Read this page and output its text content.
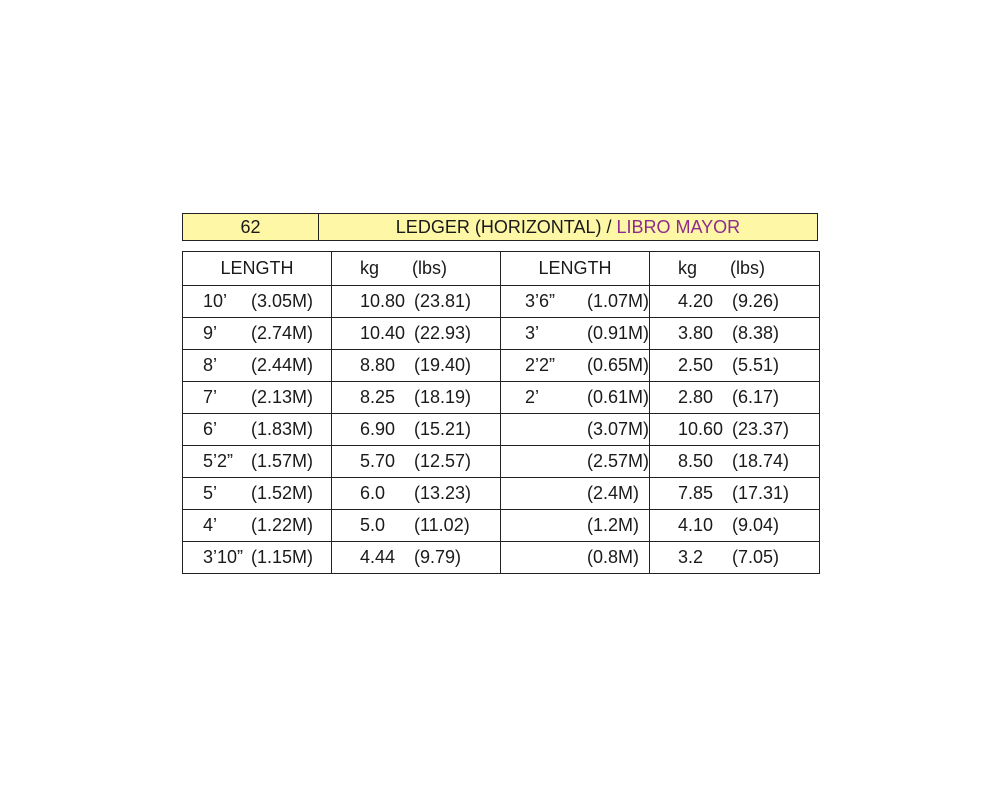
62	LEDGER (HORIZONTAL) / LIBRO MAYOR
LENGTH	kg (lbs)	LENGTH	kg (lbs)

10’ (3.05M)	10.80 (23.81)	3’6” (1.07M)	4.20 (9.26)

9’ (2.74M)	10.40 (22.93)	3’ (0.91M)	3.80 (8.38)

8’ (2.44M)	8.80 (19.40)	2’2” (0.65M)	2.50 (5.51)

7’ (2.13M)	8.25 (18.19)	2’ (0.61M)	2.80 (6.17)

6’ (1.83M)	6.90 (15.21)	(3.07M)	10.60 (23.37)

5’2” (1.57M)	5.70 (12.57)	(2.57M)	8.50 (18.74)

5’ (1.52M)	6.0 (13.23)	(2.4M)	7.85 (17.31)

4’ (1.22M)	5.0 (11.02)	(1.2M)	4.10 (9.04)

3’10” (1.15M)	4.44 (9.79)	(0.8M)	3.2 (7.05)
